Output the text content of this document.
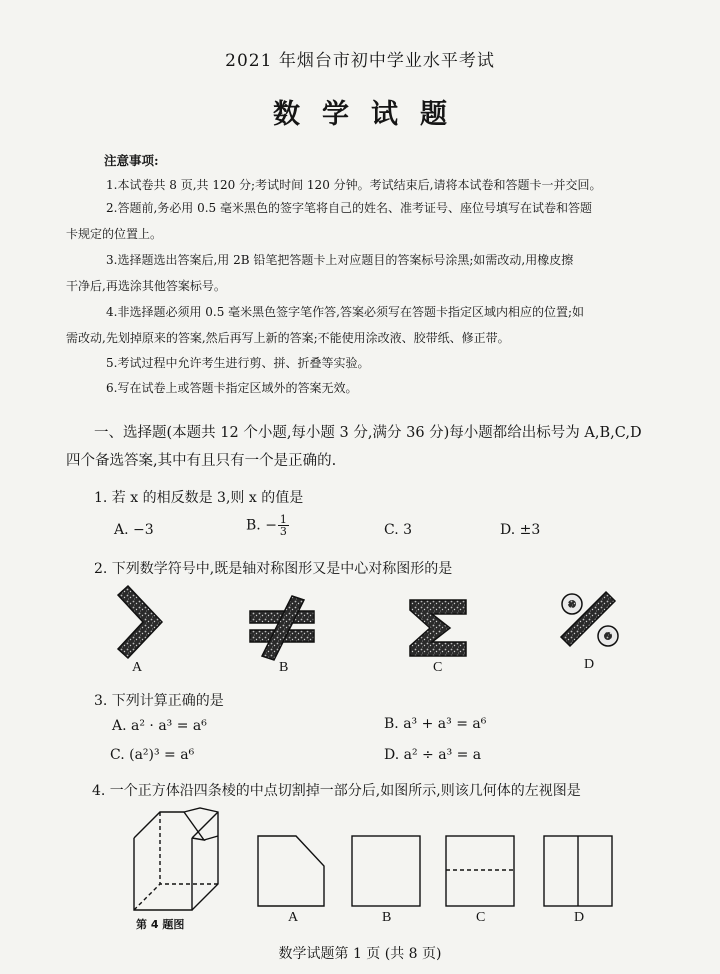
2021 年烟台市初中学业水平考试
数学试题
注意事项:
1.本试卷共 8 页,共 120 分;考试时间 120 分钟。考试结束后,请将本试卷和答题卡一并交回。
2.答题前,务必用 0.5 毫米黑色的签字笔将自己的姓名、准考证号、座位号填写在试卷和答题
卡规定的位置上。
3.选择题选出答案后,用 2B 铅笔把答题卡上对应题目的答案标号涂黑;如需改动,用橡皮擦
干净后,再选涂其他答案标号。
4.非选择题必须用 0.5 毫米黑色签字笔作答,答案必须写在答题卡指定区域内相应的位置;如
需改动,先划掉原来的答案,然后再写上新的答案;不能使用涂改液、胶带纸、修正带。
5.考试过程中允许考生进行剪、拼、折叠等实验。
6.写在试卷上或答题卡指定区域外的答案无效。
一、选择题(本题共 12 个小题,每小题 3 分,满分 36 分)每小题都给出标号为 A,B,C,D
四个备选答案,其中有且只有一个是正确的.
1. 若 x 的相反数是 3,则 x 的值是
A. −3	B. − $\frac{1}{3}$	C. 3	D. ±3
2. 下列数学符号中,既是轴对称图形又是中心对称图形的是
A	B	C	D
3. 下列计算正确的是
A. a² · a³ = a⁶	B. a³ + a³ = a⁶
C. (a²)³ = a⁶	D. a² ÷ a³ = a
4. 一个正方体沿四条棱的中点切割掉一部分后,如图所示,则该几何体的左视图是
第 4 题图	A	B	C	D
数学试题第 1 页 (共 8 页)
